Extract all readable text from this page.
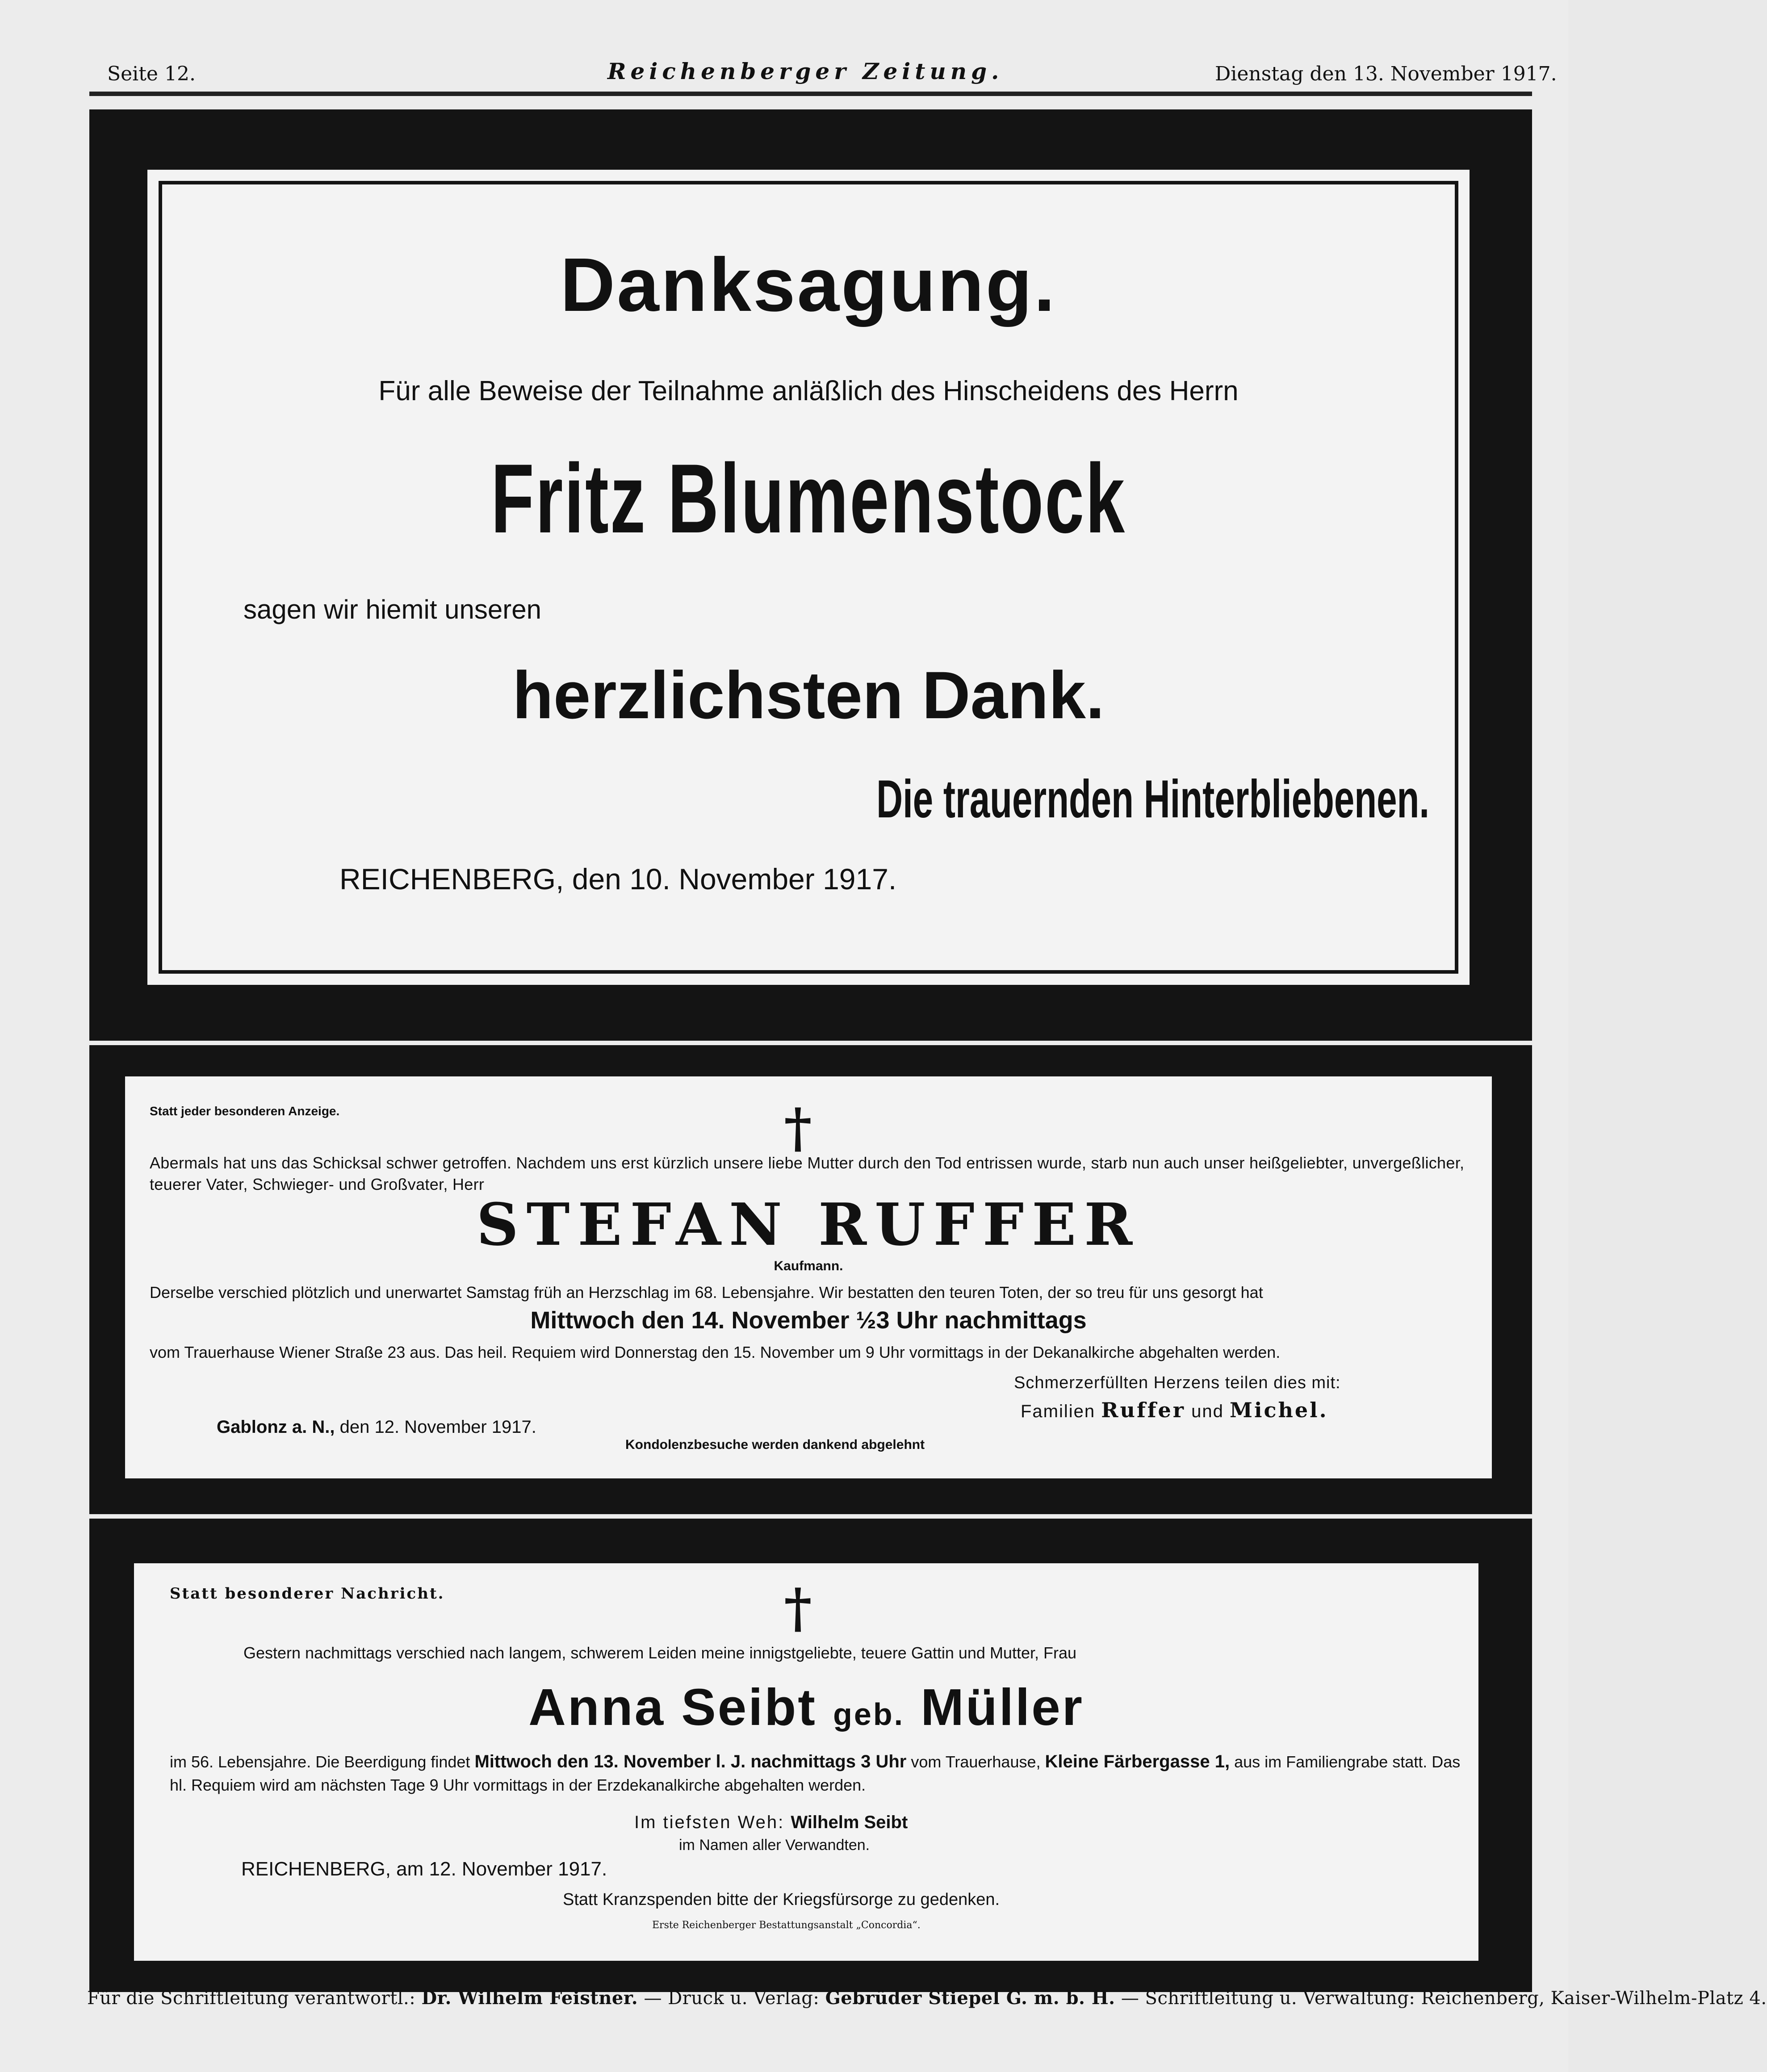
Seite 12.	Reichenberger Zeitung.	Dienstag den 13. November 1917.
Danksagung.
Für alle Beweise der Teilnahme anläßlich des Hinscheidens des Herrn
Fritz Blumenstock
sagen wir hiemit unseren
herzlichsten Dank.
Die trauernden Hinterbliebenen.
REICHENBERG, den 10. November 1917.
Statt jeder besonderen Anzeige.	†
Abermals hat uns das Schicksal schwer getroffen. Nachdem uns erst kürzlich unsere liebe Mutter durch den Tod entrissen wurde, starb nun auch unser heißgeliebter, unvergeßlicher, teuerer Vater, Schwieger- und Großvater, Herr
STEFAN RUFFER
Kaufmann.
Derselbe verschied plötzlich und unerwartet Samstag früh an Herzschlag im 68. Lebensjahre. Wir bestatten den teuren Toten, der so treu für uns gesorgt hat
Mittwoch den 14. November ½3 Uhr nachmittags
vom Trauerhause Wiener Straße 23 aus. Das heil. Requiem wird Donnerstag den 15. November um 9 Uhr vormittags in der Dekanalkirche abgehalten werden.
Schmerzerfüllten Herzens teilen dies mit:
Familien Ruffer und Michel.
Gablonz a. N., den 12. November 1917.
Kondolenzbesuche werden dankend abgelehnt
Statt besonderer Nachricht.	†
Gestern nachmittags verschied nach langem, schwerem Leiden meine innigstgeliebte, teuere Gattin und Mutter, Frau
Anna Seibt geb. Müller
im 56. Lebensjahre. Die Beerdigung findet Mittwoch den 13. November l. J. nachmittags 3 Uhr vom Trauerhause, Kleine Färbergasse 1, aus im Familiengrabe statt. Das hl. Requiem wird am nächsten Tage 9 Uhr vormittags in der Erzdekanalkirche abgehalten werden.
Im tiefsten Weh: Wilhelm Seibt
im Namen aller Verwandten.
REICHENBERG, am 12. November 1917.
Statt Kranzspenden bitte der Kriegsfürsorge zu gedenken.
Erste Reichenberger Bestattungsanstalt „Concordia“.
Für die Schriftleitung verantwortl.: Dr. Wilhelm Feistner. — Druck u. Verlag: Gebrüder Stiepel G. m. b. H. — Schriftleitung u. Verwaltung: Reichenberg, Kaiser-Wilhelm-Platz 4.
